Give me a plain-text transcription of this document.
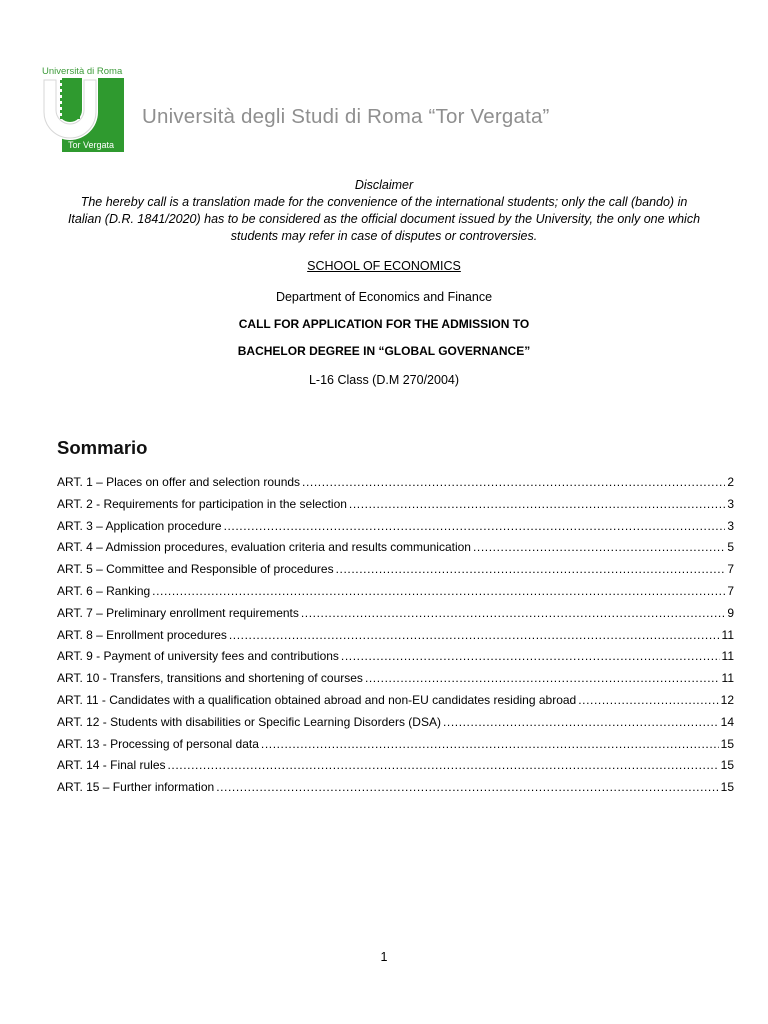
Università di Roma
Tor Vergata
Università degli Studi di Roma “Tor Vergata”
Disclaimer
The hereby call is a translation made for the convenience of the international students; only the call (bando) in Italian (D.R. 1841/2020) has to be considered as the official document issued by the University, the only one which students may refer in case of disputes or controversies.
SCHOOL OF ECONOMICS
Department of Economics and Finance
CALL FOR APPLICATION FOR THE ADMISSION TO
BACHELOR DEGREE IN “GLOBAL GOVERNANCE”
L-16 Class (D.M 270/2004)
Sommario
ART. 1 – Places on offer and selection rounds .....	2
ART. 2 - Requirements for participation in the selection .....	3
ART. 3 – Application procedure .....	3
ART. 4 – Admission procedures, evaluation criteria and results communication .....	5
ART. 5 – Committee and Responsible of procedures .....	7
ART. 6 – Ranking .....	7
ART. 7 – Preliminary enrollment requirements .....	9
ART. 8 – Enrollment procedures .....	11
ART. 9 - Payment of university fees and contributions .....	11
ART. 10 - Transfers, transitions and shortening of courses .....	11
ART. 11 - Candidates with a qualification obtained abroad and non-EU candidates residing abroad .....	12
ART. 12 - Students with disabilities or Specific Learning Disorders (DSA) .....	14
ART. 13 - Processing of personal data .....	15
ART. 14 - Final rules .....	15
ART. 15 – Further information .....	15
1
